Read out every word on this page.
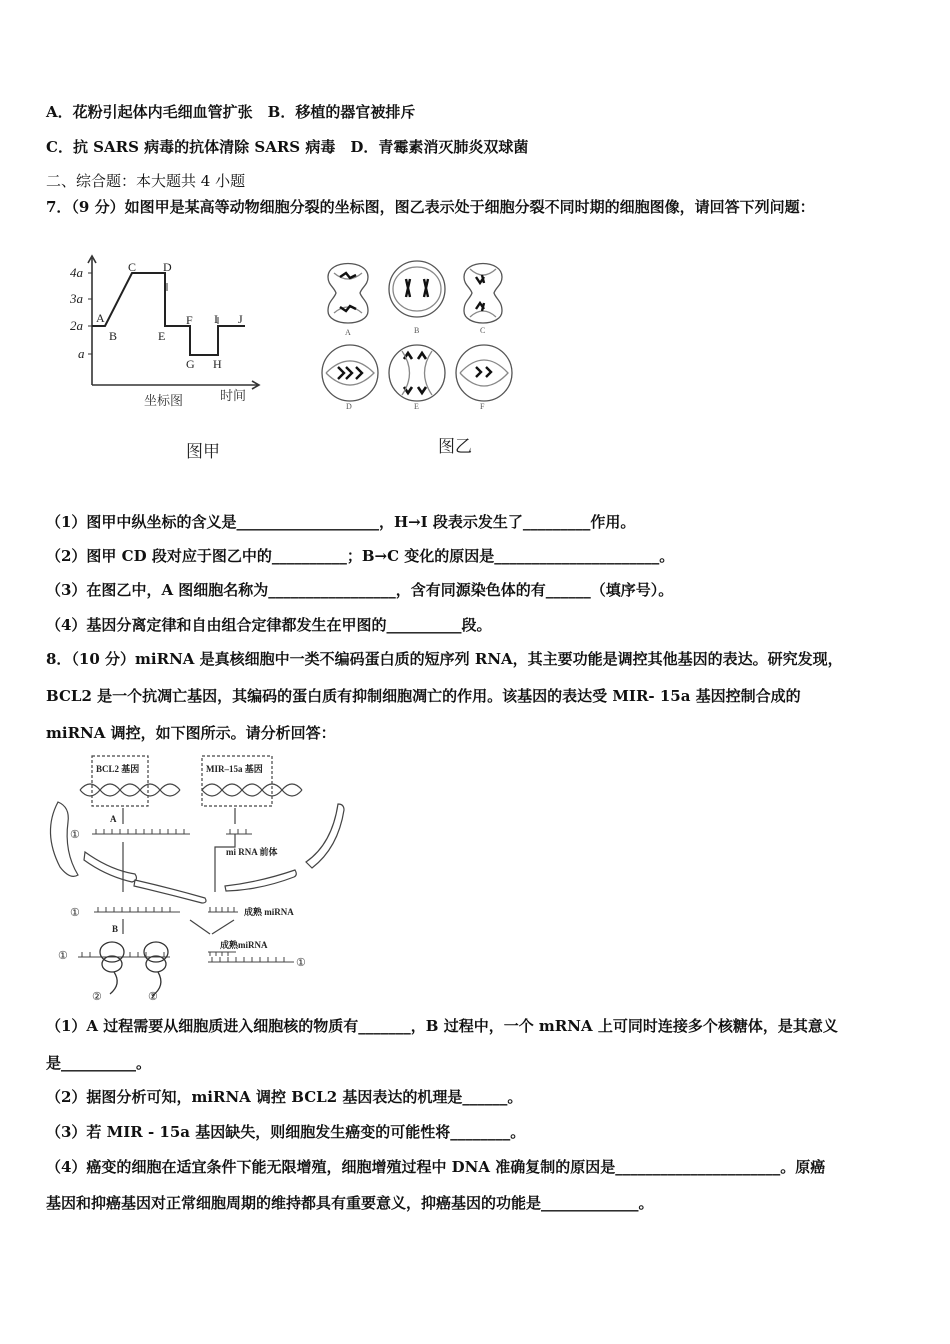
A．花粉引起体内毛细血管扩张　B．移植的器官被排斥
C．抗 SARS 病毒的抗体清除 SARS 病毒　D．青霉素消灭肺炎双球菌
二、综合题：本大题共 4 小题
7．（9 分）如图甲是某高等动物细胞分裂的坐标图，图乙表示处于细胞分裂不同时期的细胞图像，请回答下列问题：
4a
3a
2a
a
A
B
C D
E
F
G H
I J
坐标图	时间
图甲
A	B	C
D	E	F
图乙
（1）图甲中纵坐标的含义是___________________，H→I 段表示发生了_________作用。
（2）图甲 CD 段对应于图乙中的__________；B→C 变化的原因是______________________。
（3）在图乙中，A 图细胞名称为_________________，含有同源染色体的有______（填序号）。
（4）基因分离定律和自由组合定律都发生在甲图的__________段。
8．（10 分）miRNA 是真核细胞中一类不编码蛋白质的短序列 RNA，其主要功能是调控其他基因的表达。研究发现，
BCL2 是一个抗凋亡基因，其编码的蛋白质有抑制细胞凋亡的作用。该基因的表达受 MIR- 15a 基因控制合成的
miRNA 调控，如下图所示。请分析回答：
BCL2 基因	MIR–15a 基因
A
B
mi RNA 前体
成熟 miRNA
成熟miRNA
①
①
①
①
②	②
（1）A 过程需要从细胞质进入细胞核的物质有_______，B 过程中，一个 mRNA 上可同时连接多个核糖体，是其意义
是__________。
（2）据图分析可知，miRNA 调控 BCL2 基因表达的机理是______。
（3）若 MIR - 15a 基因缺失，则细胞发生癌变的可能性将________。
（4）癌变的细胞在适宜条件下能无限增殖，细胞增殖过程中 DNA 准确复制的原因是______________________。原癌
基因和抑癌基因对正常细胞周期的维持都具有重要意义，抑癌基因的功能是_____________。
